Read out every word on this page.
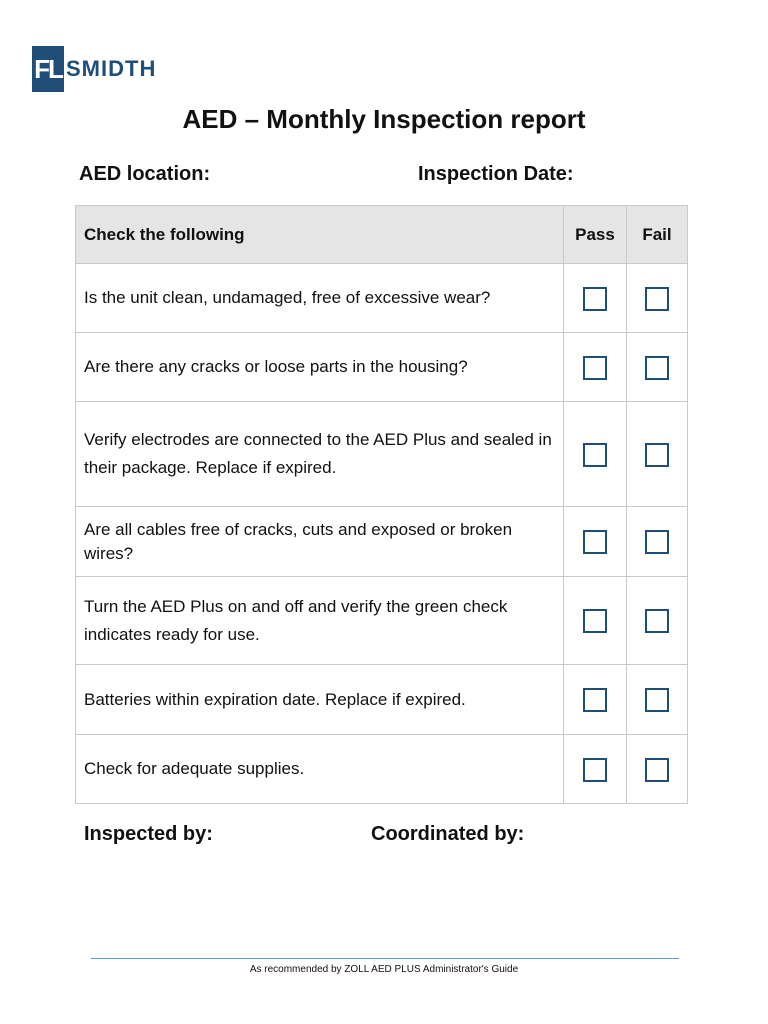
FL SMIDTH
AED – Monthly Inspection report
AED location:	Inspection Date:
Check the following	Pass	Fail
Is the unit clean, undamaged, free of excessive wear?		
Are there any cracks or loose parts in the housing?		
Verify electrodes are connected to the AED Plus and sealed in their package. Replace if expired.		
Are all cables free of cracks, cuts and exposed or broken wires?		
Turn the AED Plus on and off and verify the green check indicates ready for use.		
Batteries within expiration date. Replace if expired.		
Check for adequate supplies.		
Inspected by:	Coordinated by:
As recommended by ZOLL AED PLUS Administrator's Guide
